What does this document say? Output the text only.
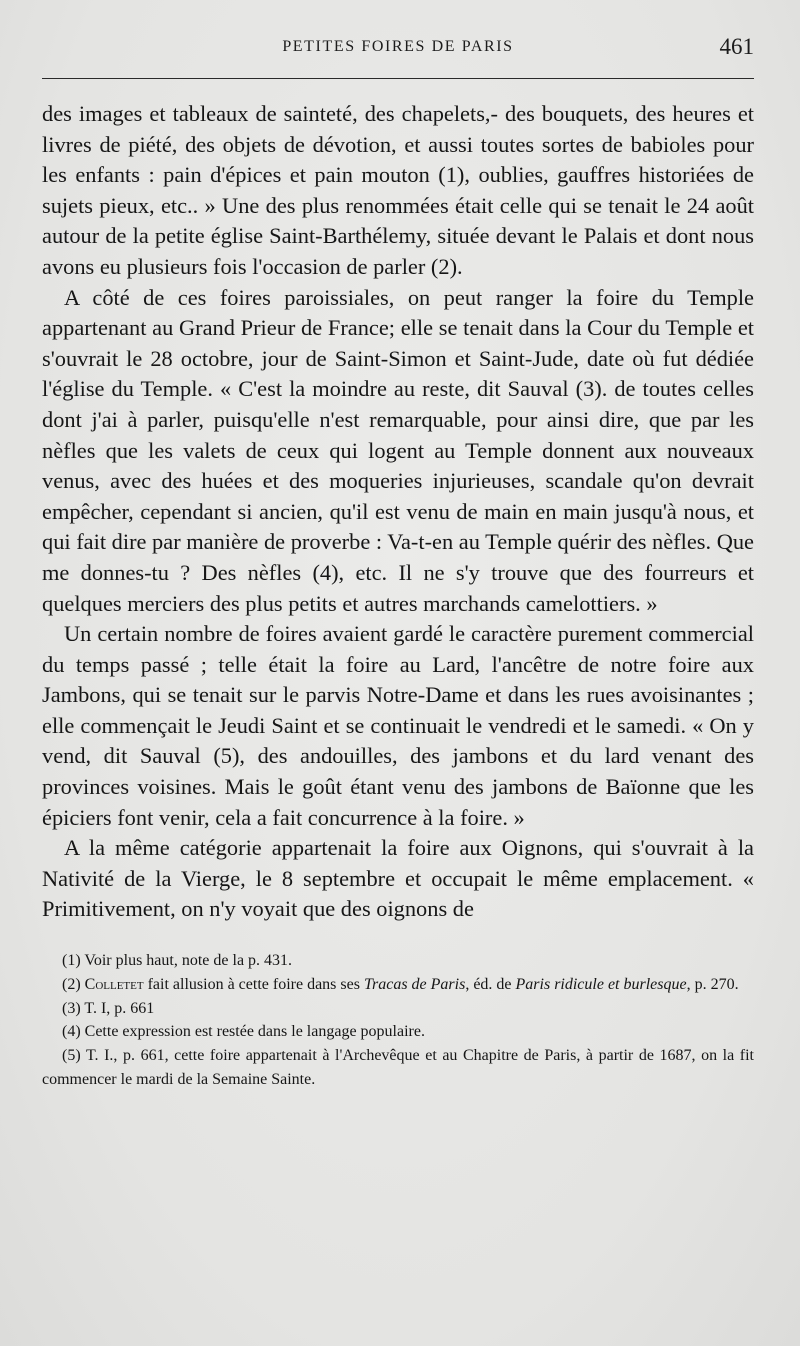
PETITES FOIRES DE PARIS	461

des images et tableaux de sainteté, des chapelets,- des bouquets, des heures et livres de piété, des objets de dévotion, et aussi toutes sortes de babioles pour les enfants : pain d'épices et pain mouton (1), oublies, gauffres historiées de sujets pieux, etc.. » Une des plus renommées était celle qui se tenait le 24 août autour de la petite église Saint-Barthélemy, située devant le Palais et dont nous avons eu plusieurs fois l'occasion de parler (2).

A côté de ces foires paroissiales, on peut ranger la foire du Temple appartenant au Grand Prieur de France; elle se tenait dans la Cour du Temple et s'ouvrait le 28 octobre, jour de Saint-Simon et Saint-Jude, date où fut dédiée l'église du Temple. « C'est la moindre au reste, dit Sauval (3). de toutes celles dont j'ai à parler, puisqu'elle n'est remarquable, pour ainsi dire, que par les nèfles que les valets de ceux qui logent au Temple donnent aux nouveaux venus, avec des huées et des moqueries injurieuses, scandale qu'on devrait empêcher, cependant si ancien, qu'il est venu de main en main jusqu'à nous, et qui fait dire par manière de proverbe : Va-t-en au Temple quérir des nèfles. Que me donnes-tu ? Des nèfles (4), etc. Il ne s'y trouve que des fourreurs et quelques merciers des plus petits et autres marchands camelottiers. »

Un certain nombre de foires avaient gardé le caractère purement commercial du temps passé ; telle était la foire au Lard, l'ancêtre de notre foire aux Jambons, qui se tenait sur le parvis Notre-Dame et dans les rues avoisinantes ; elle commençait le Jeudi Saint et se continuait le vendredi et le samedi. « On y vend, dit Sauval (5), des andouilles, des jambons et du lard venant des provinces voisines. Mais le goût étant venu des jambons de Baïonne que les épiciers font venir, cela a fait concurrence à la foire. »

A la même catégorie appartenait la foire aux Oignons, qui s'ouvrait à la Nativité de la Vierge, le 8 septembre et occupait le même emplacement. « Primitivement, on n'y voyait que des oignons de

(1) Voir plus haut, note de la p. 431.

(2) Colletet fait allusion à cette foire dans ses Tracas de Paris, éd. de Paris ridicule et burlesque, p. 270.

(3) T. I, p. 661

(4) Cette expression est restée dans le langage populaire.

(5) T. I., p. 661, cette foire appartenait à l'Archevêque et au Chapitre de Paris, à partir de 1687, on la fit commencer le mardi de la Semaine Sainte.
